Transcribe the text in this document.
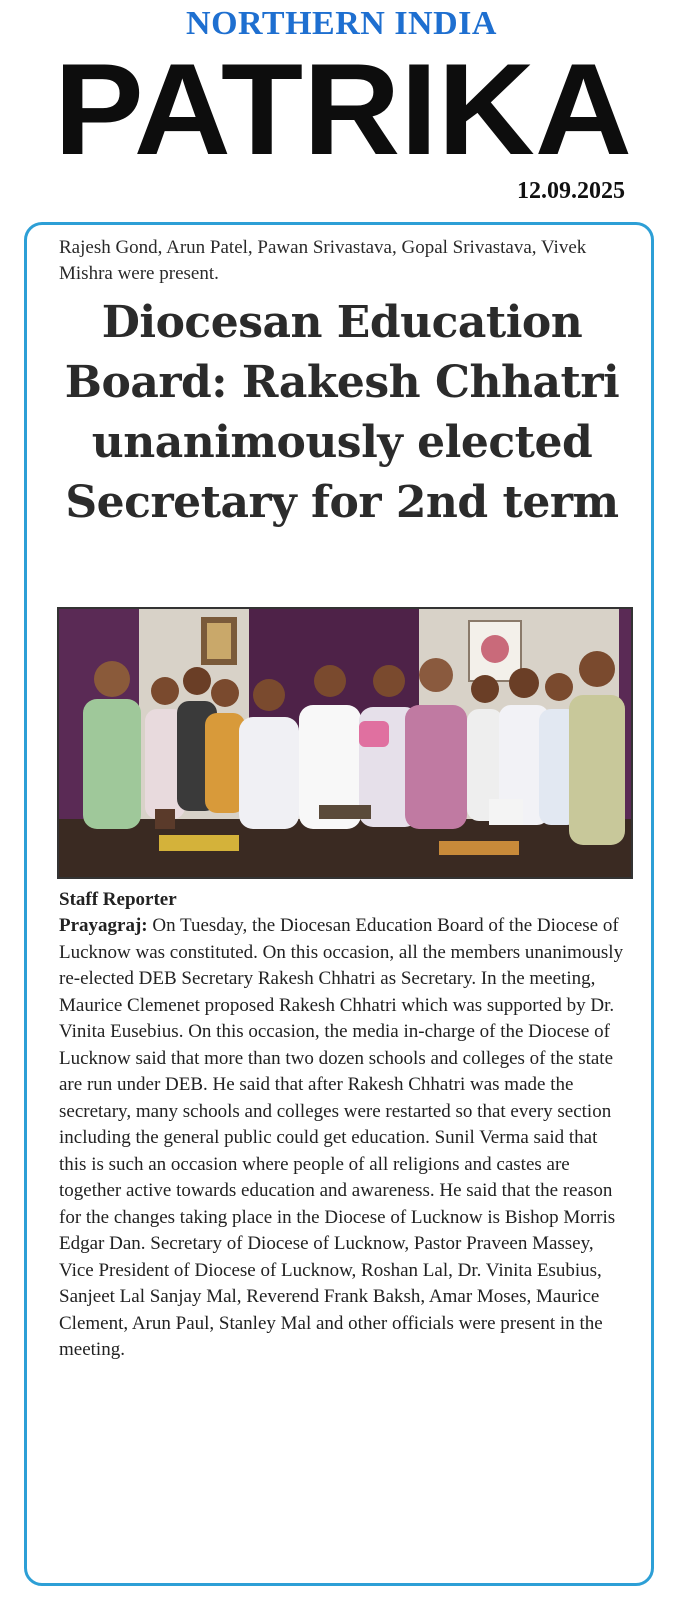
NORTHERN INDIA
PATRIKA
12.09.2025
Rajesh Gond, Arun Patel, Pawan Srivastava, Gopal Srivastava, Vivek Mishra were present.
Diocesan Education Board: Rakesh Chhatri unanimously elected Secretary for 2nd term
Staff Reporter
Prayagraj: On Tuesday, the Diocesan Education Board of the Diocese of Lucknow was constituted. On this occasion, all the members unanimously re-elected DEB Secretary Rakesh Chhatri as Secretary. In the meeting, Maurice Clemenet proposed Rakesh Chhatri which was supported by Dr. Vinita Eusebius. On this occasion, the media in-charge of the Diocese of Lucknow said that more than two dozen schools and colleges of the state are run under DEB. He said that after Rakesh Chhatri was made the secretary, many schools and colleges were restarted so that every section including the general public could get education. Sunil Verma said that this is such an occasion where people of all religions and castes are together active towards education and awareness. He said that the reason for the changes taking place in the Diocese of Lucknow is Bishop Morris Edgar Dan. Secretary of Diocese of Lucknow, Pastor Praveen Massey, Vice President of Diocese of Lucknow, Roshan Lal, Dr. Vinita Esubius, Sanjeet Lal Sanjay Mal, Reverend Frank Baksh, Amar Moses, Maurice Clement, Arun Paul, Stanley Mal and other officials were present in the meeting.
